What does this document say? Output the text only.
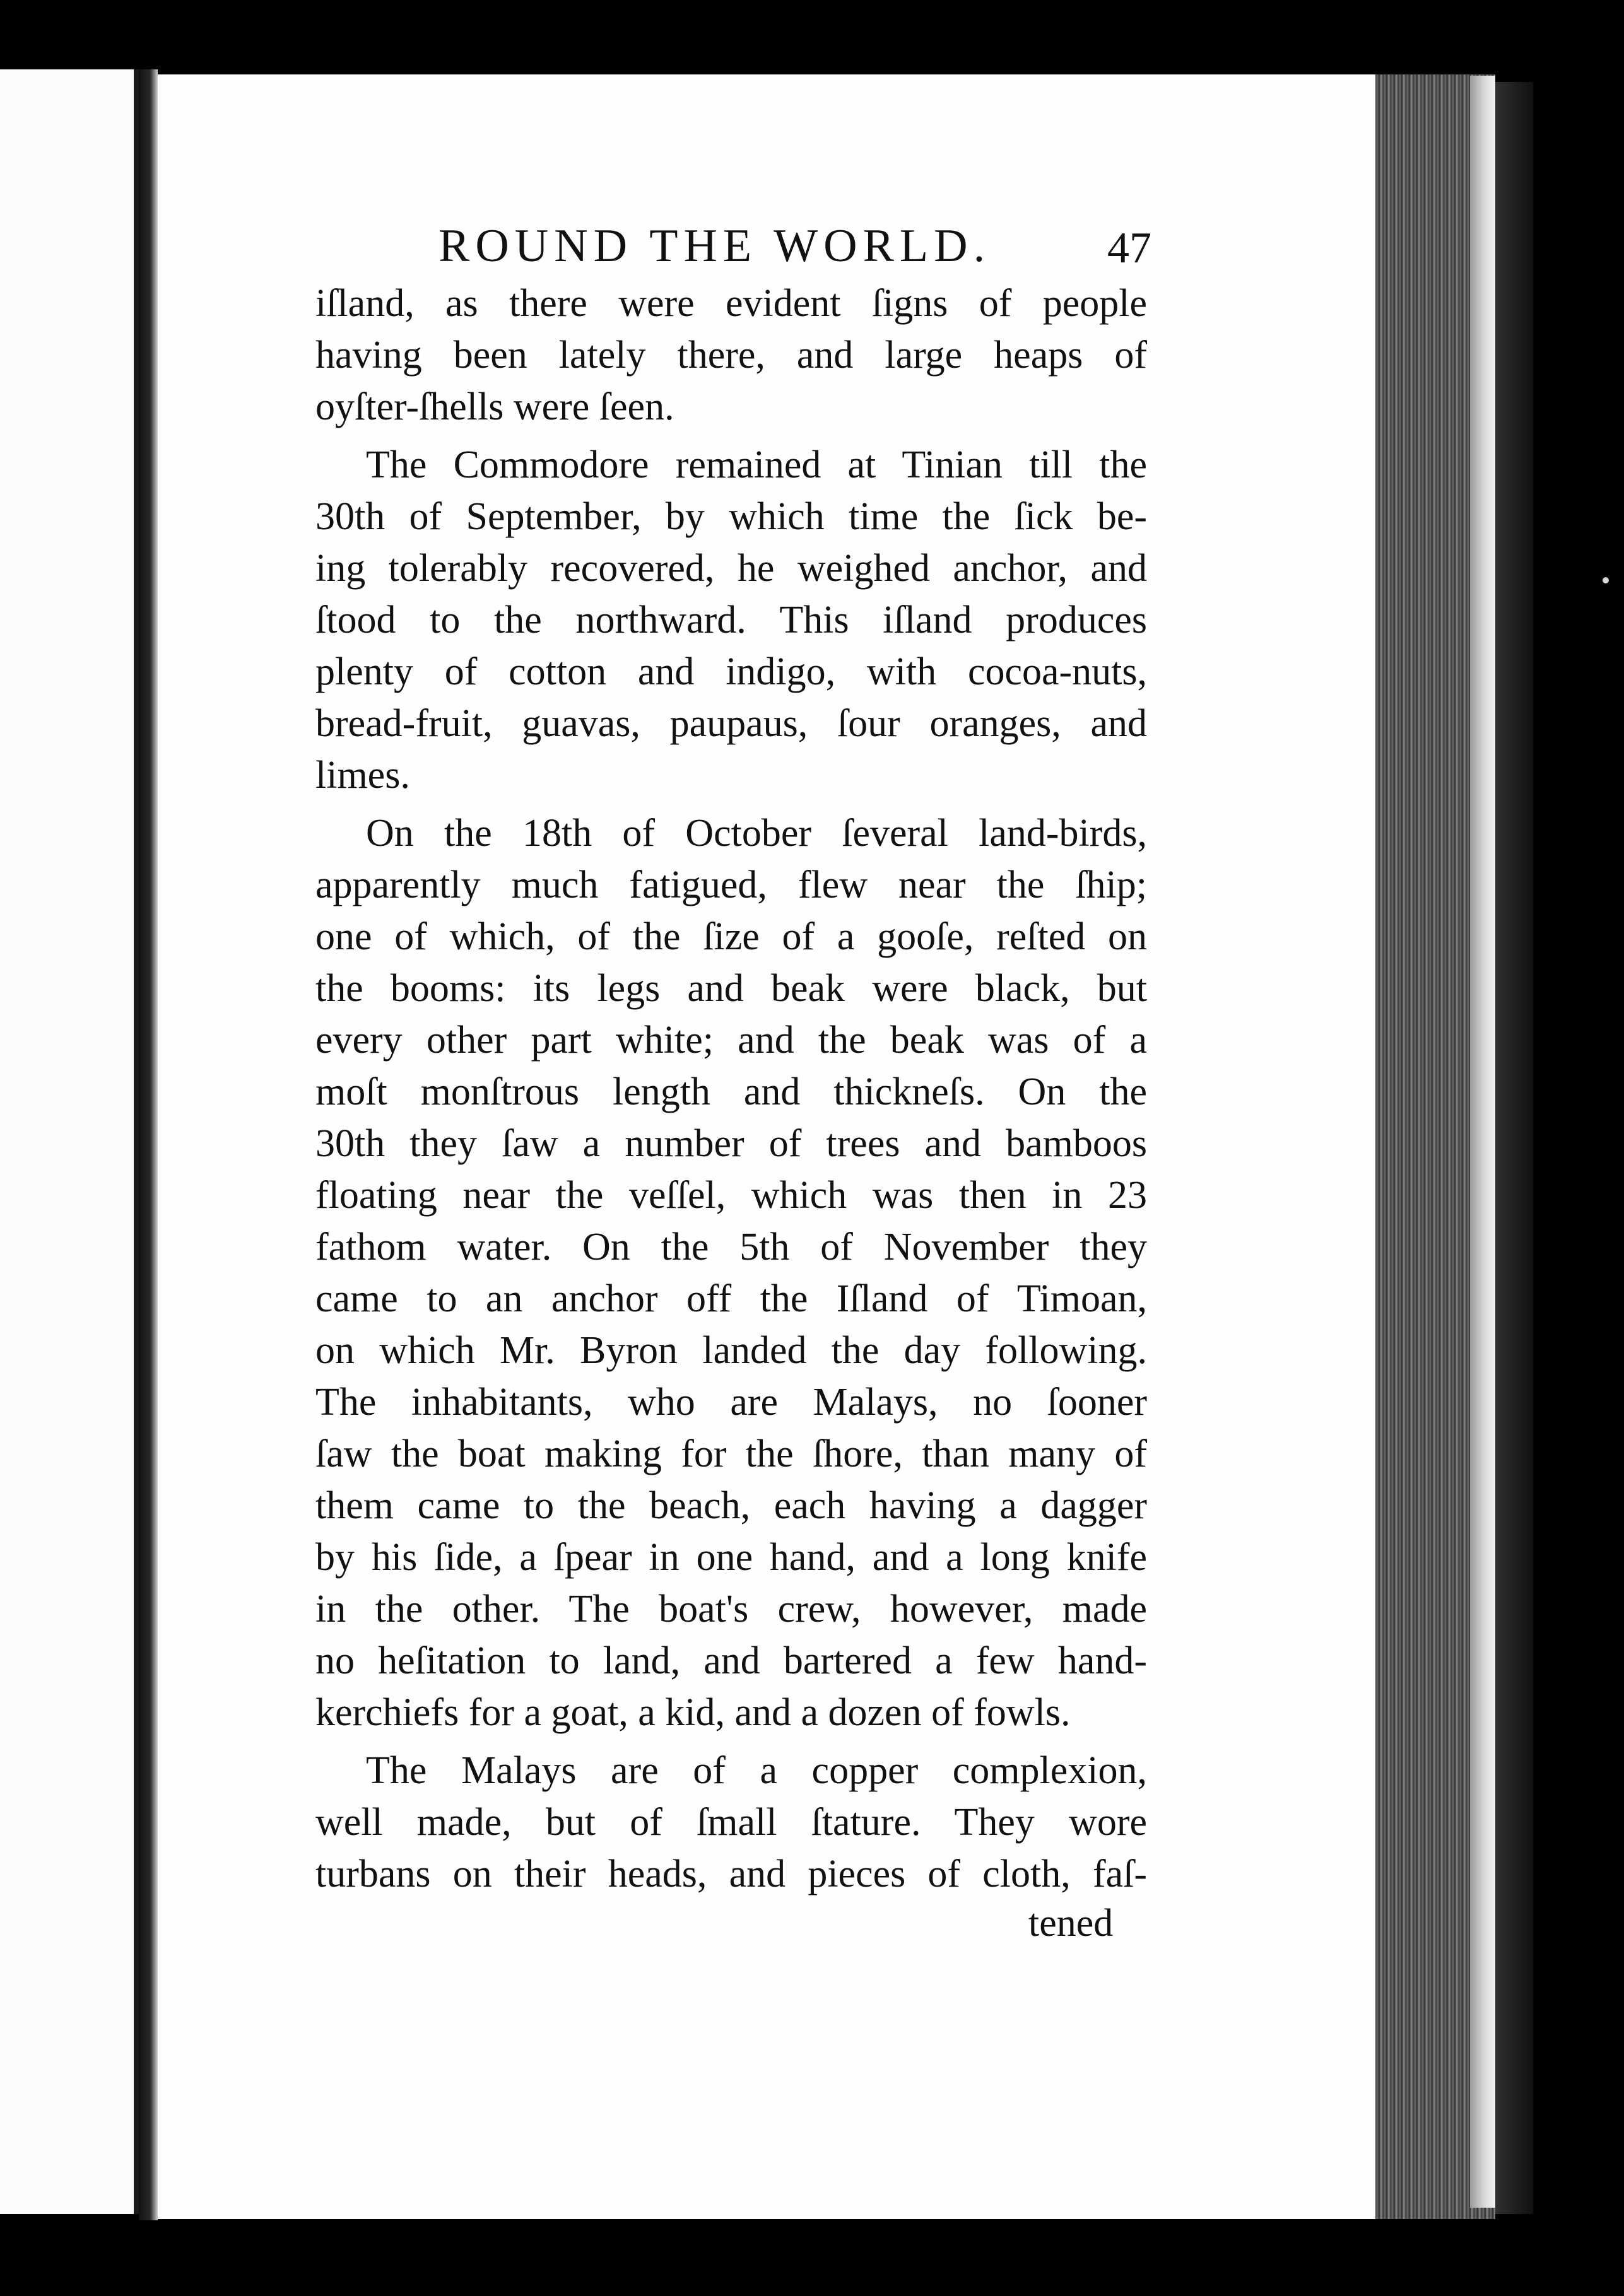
ROUND THE WORLD.	47
iſland, as there were evident ſigns of people
having been lately there, and large heaps of
oyſter-ſhells were ſeen.
The Commodore remained at Tinian till the
30th of September, by which time the ſick be-
ing tolerably recovered, he weighed anchor, and
ſtood to the northward. This iſland produces
plenty of cotton and indigo, with cocoa-nuts,
bread-fruit, guavas, paupaus, ſour oranges, and
limes.
On the 18th of October ſeveral land-birds,
apparently much fatigued, flew near the ſhip;
one of which, of the ſize of a gooſe, reſted on
the booms: its legs and beak were black, but
every other part white; and the beak was of a
moſt monſtrous length and thickneſs. On the
30th they ſaw a number of trees and bamboos
floating near the veſſel, which was then in 23
fathom water. On the 5th of November they
came to an anchor off the Iſland of Timoan,
on which Mr. Byron landed the day following.
The inhabitants, who are Malays, no ſooner
ſaw the boat making for the ſhore, than many of
them came to the beach, each having a dagger
by his ſide, a ſpear in one hand, and a long knife
in the other. The boat's crew, however, made
no heſitation to land, and bartered a few hand-
kerchiefs for a goat, a kid, and a dozen of fowls.
The Malays are of a copper complexion,
well made, but of ſmall ſtature. They wore
turbans on their heads, and pieces of cloth, faſ-
tened
